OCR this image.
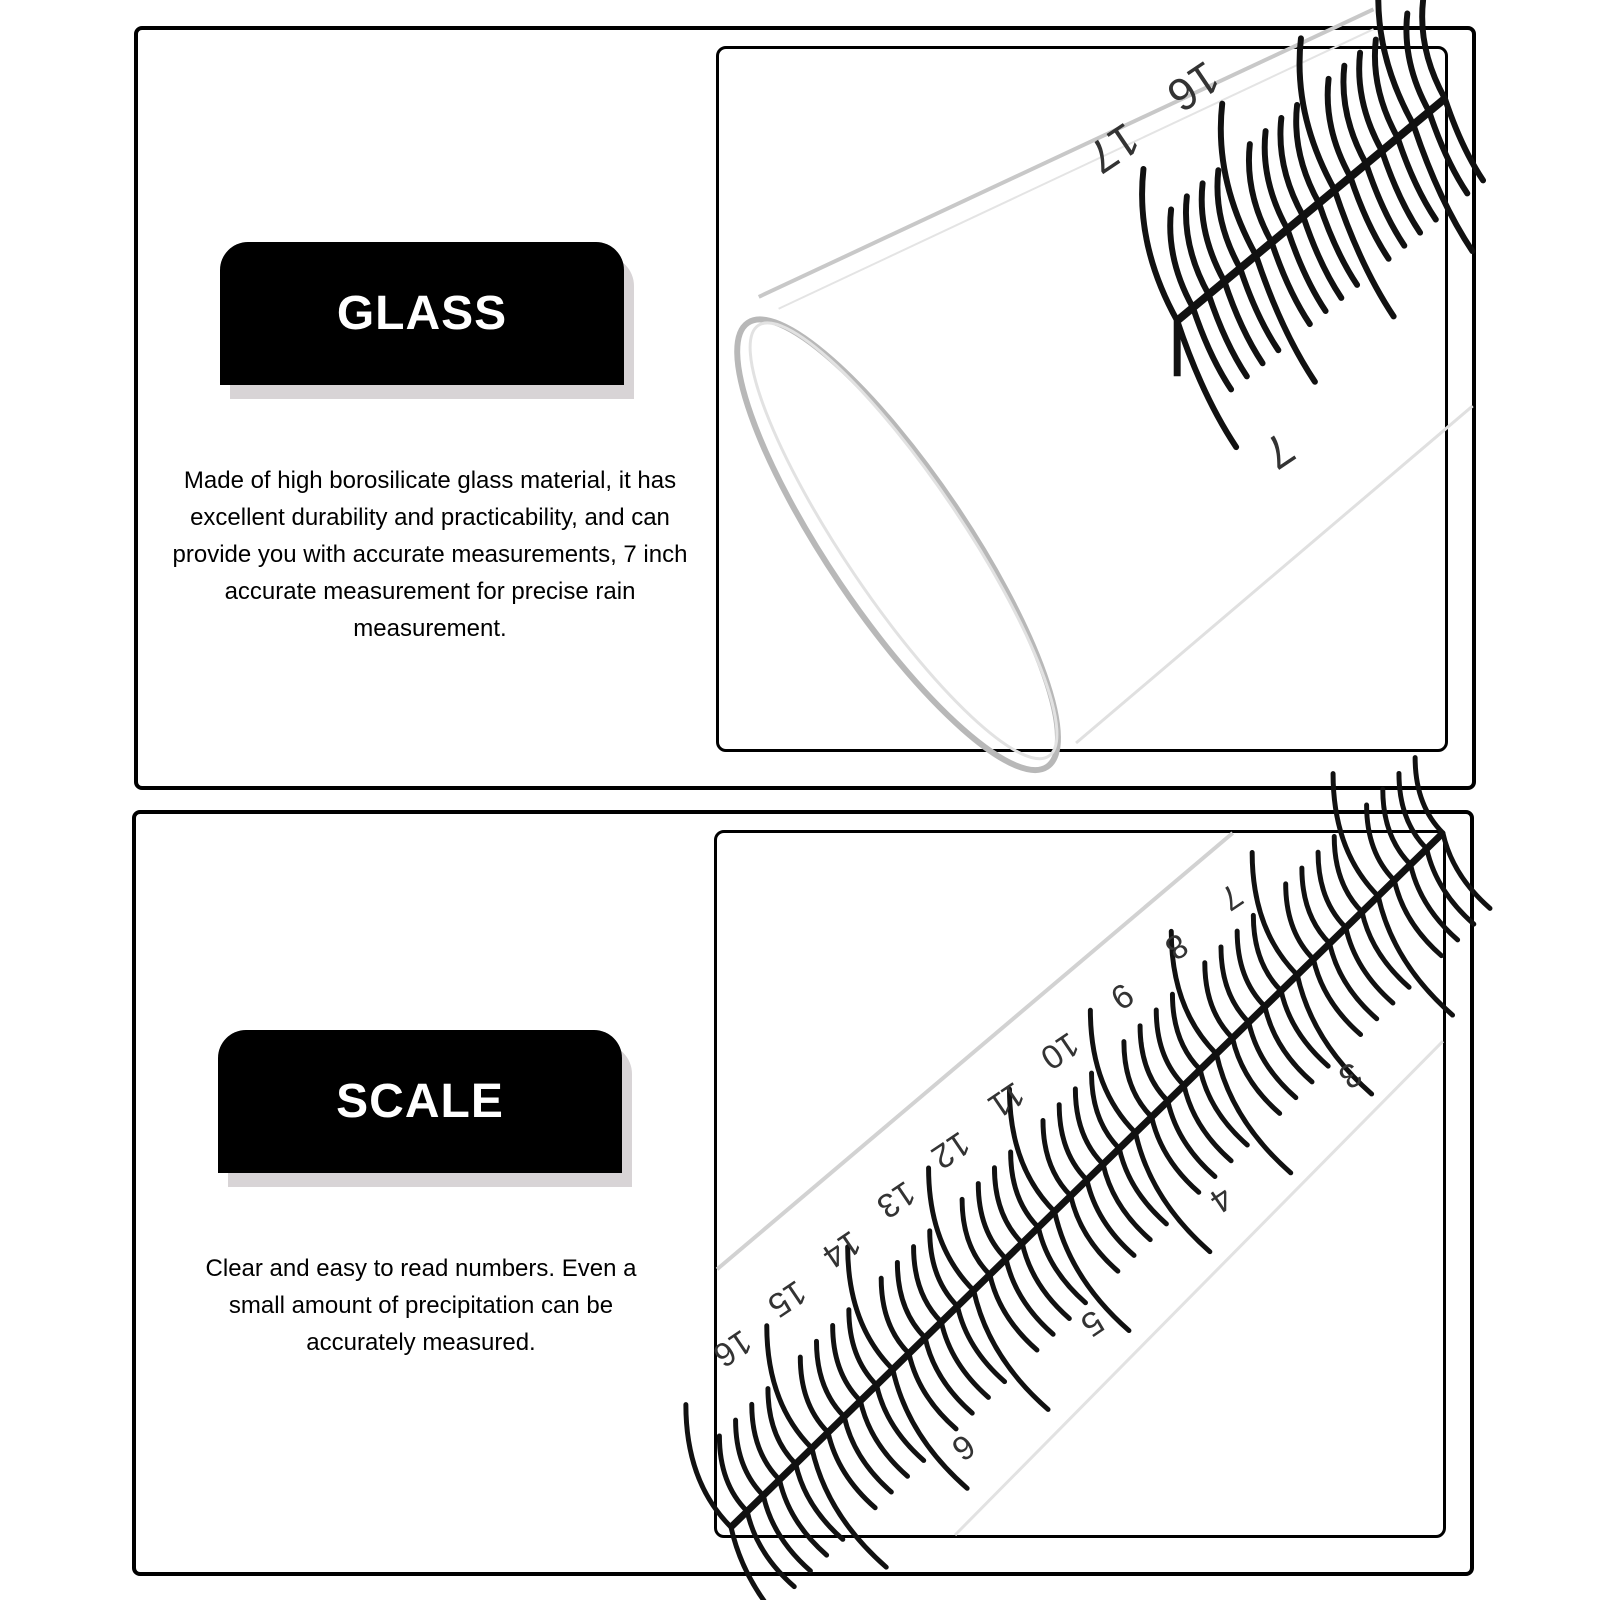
GLASS
Made of high borosilicate glass material, it has excellent durability and practicability, and can provide you with accurate measurements, 7 inch accurate measurement for precise rain measurement.
17
16
7
SCALE
Clear and easy to read numbers. Even a small amount of precipitation can be accurately measured.
7
8
9
10
11
12
13
14
15
16
3
4
5
6
